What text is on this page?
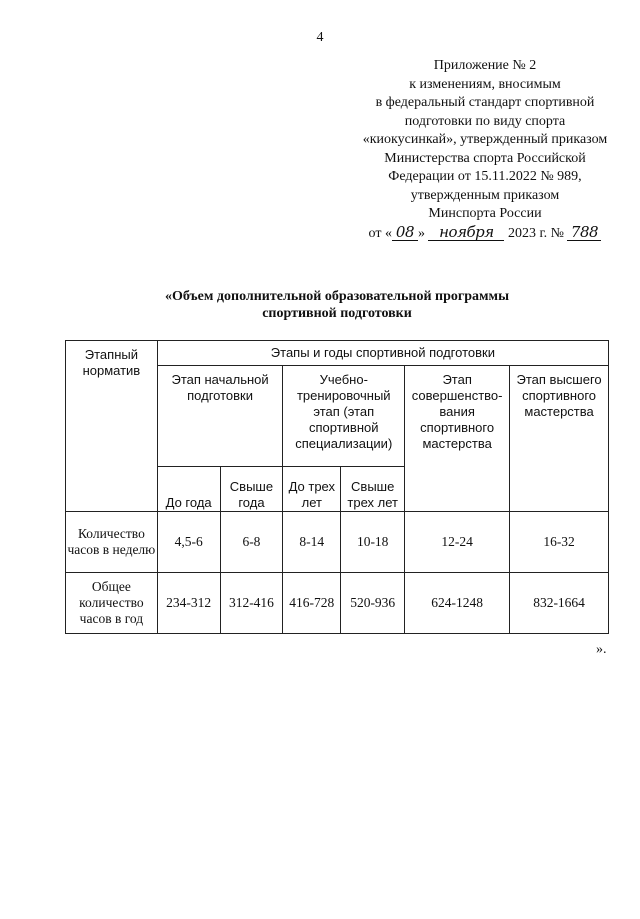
4
Приложение № 2
к изменениям, вносимым
в федеральный стандарт спортивной
подготовки по виду спорта
«киокусинкай», утвержденный приказом
Министерства спорта Российской
Федерации от 15.11.2022 № 989,
утвержденным приказом
Минспорта России
от « 08 » ноября 2023 г. № 788
«Объем дополнительной образовательной программы
спортивной подготовки
Этапный норматив	Этапы и годы спортивной подготовки					
	Этап начальной подготовки		Учебно-тренировочный этап (этап спортивной специализации)		Этап совершенство-вания спортивного мастерства	Этап высшего спортивного мастерства
	До года	Свыше года	До трех лет	Свыше трех лет		
Количество часов в неделю	4,5-6	6-8	8-14	10-18	12-24	16-32
Общее количество часов в год	234-312	312-416	416-728	520-936	624-1248	832-1664
».
